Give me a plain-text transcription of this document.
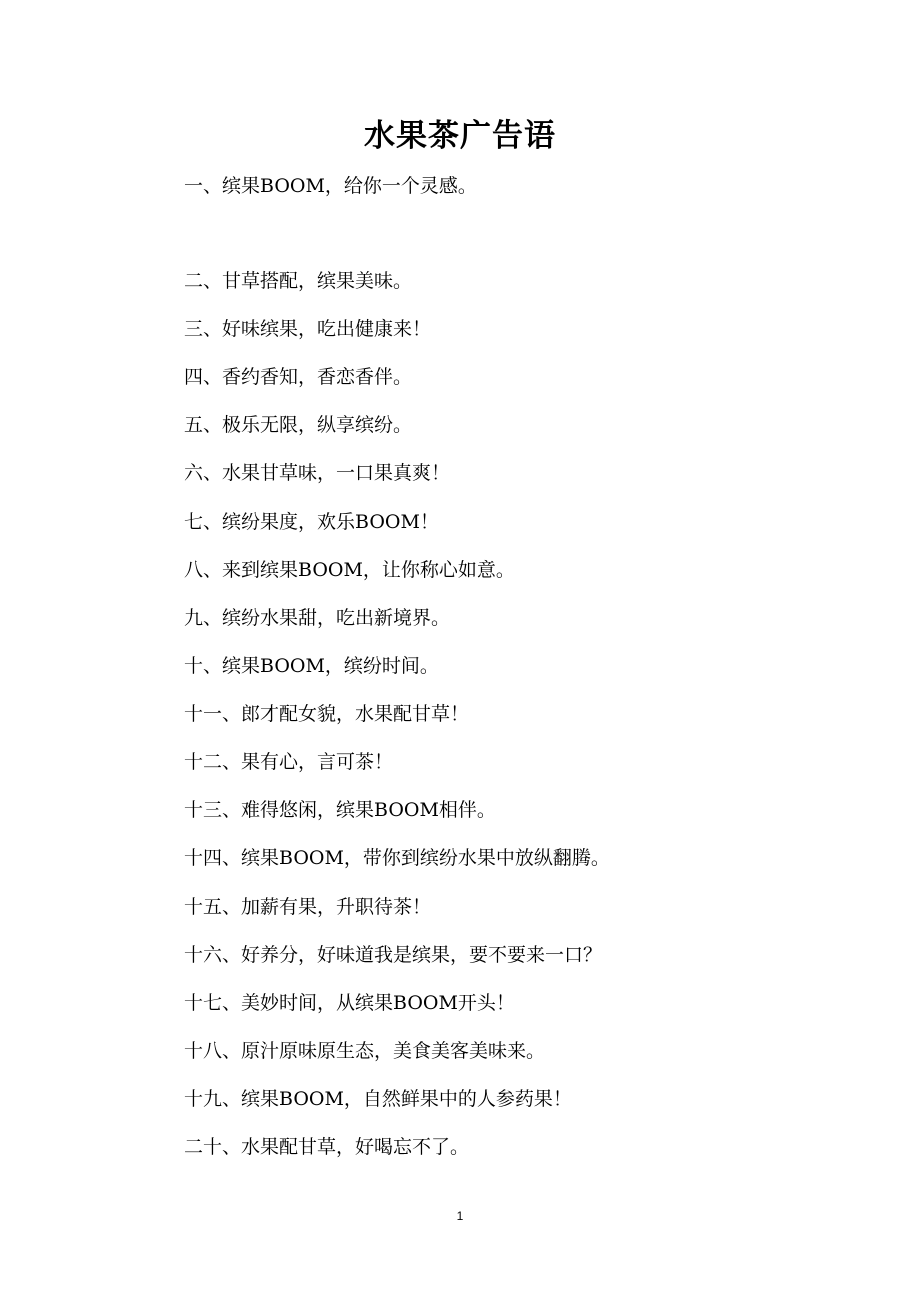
水果茶广告语
一、缤果BOOM，给你一个灵感。
二、甘草搭配，缤果美味。
三、好味缤果，吃出健康来！
四、香约香知，香恋香伴。
五、极乐无限，纵享缤纷。
六、水果甘草味，一口果真爽！
七、缤纷果度，欢乐BOOM！
八、来到缤果BOOM，让你称心如意。
九、缤纷水果甜，吃出新境界。
十、缤果BOOM，缤纷时间。
十一、郎才配女貌，水果配甘草！
十二、果有心，言可茶！
十三、难得悠闲，缤果BOOM相伴。
十四、缤果BOOM，带你到缤纷水果中放纵翻腾。
十五、加薪有果，升职待茶！
十六、好养分，好味道我是缤果，要不要来一口？
十七、美妙时间，从缤果BOOM开头！
十八、原汁原味原生态，美食美客美味来。
十九、缤果BOOM，自然鲜果中的人参药果！
二十、水果配甘草，好喝忘不了。
1
